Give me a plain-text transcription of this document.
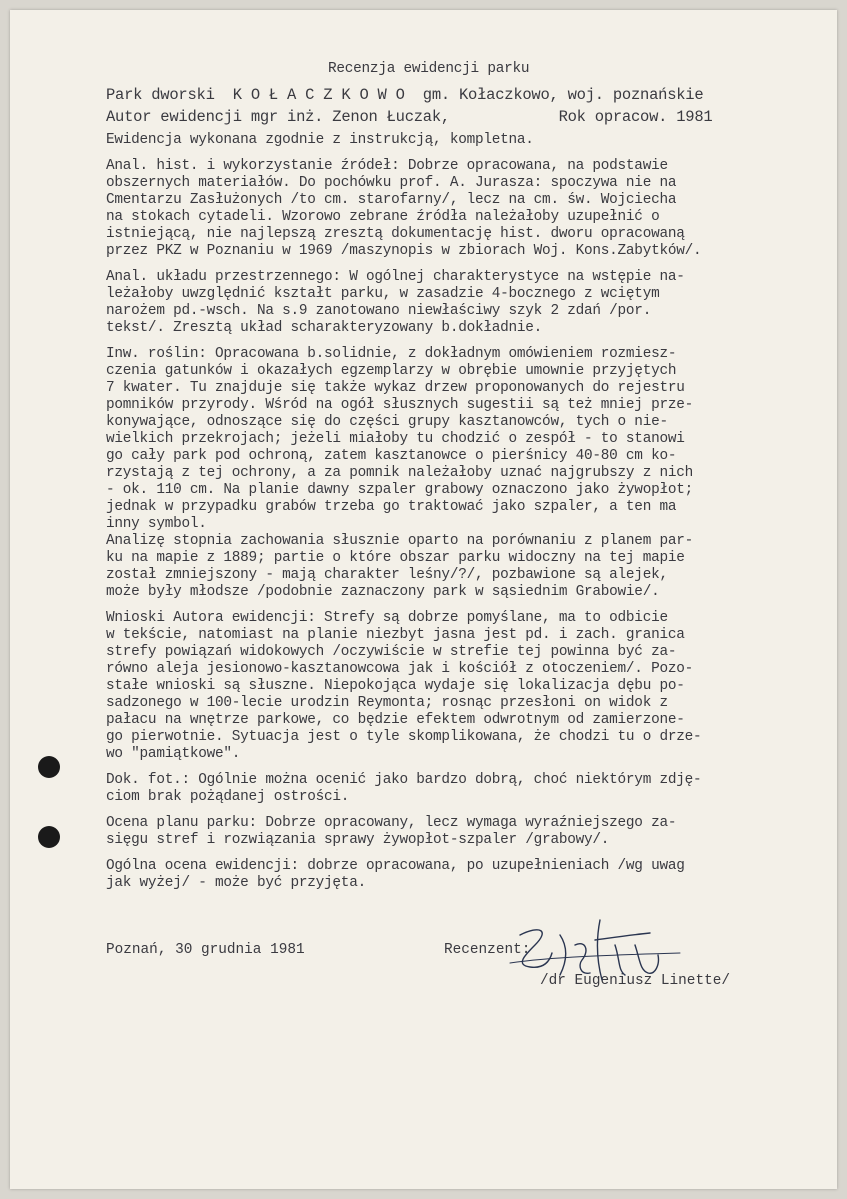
Recenzja ewidencji parku
Park dworski  K O Ł A C Z K O W O  gm. Kołaczkowo, woj. poznańskie
Autor ewidencji mgr inż. Zenon Łuczak,            Rok opracow. 1981
Ewidencja wykonana zgodnie z instrukcją, kompletna.
Anal. hist. i wykorzystanie źródeł: Dobrze opracowana, na podstawie
obszernych materiałów. Do pochówku prof. A. Jurasza: spoczywa nie na
Cmentarzu Zasłużonych /to cm. starofarny/, lecz na cm. św. Wojciecha
na stokach cytadeli. Wzorowo zebrane źródła należałoby uzupełnić o
istniejącą, nie najlepszą zresztą dokumentację hist. dworu opracowaną
przez PKZ w Poznaniu w 1969 /maszynopis w zbiorach Woj. Kons.Zabytków/.
Anal. układu przestrzennego: W ogólnej charakterystyce na wstępie na-
leżałoby uwzględnić kształt parku, w zasadzie 4-bocznego z wciętym
narożem pd.-wsch. Na s.9 zanotowano niewłaściwy szyk 2 zdań /por.
tekst/. Zresztą układ scharakteryzowany b.dokładnie.
Inw. roślin: Opracowana b.solidnie, z dokładnym omówieniem rozmiesz-
czenia gatunków i okazałych egzemplarzy w obrębie umownie przyjętych
7 kwater. Tu znajduje się także wykaz drzew proponowanych do rejestru
pomników przyrody. Wśród na ogół słusznych sugestii są też mniej prze-
konywające, odnoszące się do części grupy kasztanowców, tych o nie-
wielkich przekrojach; jeżeli miałoby tu chodzić o zespół - to stanowi
go cały park pod ochroną, zatem kasztanowce o pierśnicy 40-80 cm ko-
rzystają z tej ochrony, a za pomnik należałoby uznać najgrubszy z nich
- ok. 110 cm. Na planie dawny szpaler grabowy oznaczono jako żywopłot;
jednak w przypadku grabów trzeba go traktować jako szpaler, a ten ma
inny symbol.
Analizę stopnia zachowania słusznie oparto na porównaniu z planem par-
ku na mapie z 1889; partie o które obszar parku widoczny na tej mapie
został zmniejszony - mają charakter leśny/?/, pozbawione są alejek,
może były młodsze /podobnie zaznaczony park w sąsiednim Grabowie/.
Wnioski Autora ewidencji: Strefy są dobrze pomyślane, ma to odbicie
w tekście, natomiast na planie niezbyt jasna jest pd. i zach. granica
strefy powiązań widokowych /oczywiście w strefie tej powinna być za-
równo aleja jesionowo-kasztanowcowa jak i kościół z otoczeniem/. Pozo-
stałe wnioski są słuszne. Niepokojąca wydaje się lokalizacja dębu po-
sadzonego w 100-lecie urodzin Reymonta; rosnąc przesłoni on widok z
pałacu na wnętrze parkowe, co będzie efektem odwrotnym od zamierzone-
go pierwotnie. Sytuacja jest o tyle skomplikowana, że chodzi tu o drze-
wo "pamiątkowe".
Dok. fot.: Ogólnie można ocenić jako bardzo dobrą, choć niektórym zdję-
ciom brak pożądanej ostrości.
Ocena planu parku: Dobrze opracowany, lecz wymaga wyraźniejszego za-
sięgu stref i rozwiązania sprawy żywopłot-szpaler /grabowy/.
Ogólna ocena ewidencji: dobrze opracowana, po uzupełnieniach /wg uwag
jak wyżej/ - może być przyjęta.
Poznań, 30 grudnia 1981	Recenzent:
/dr Eugeniusz Linette/
